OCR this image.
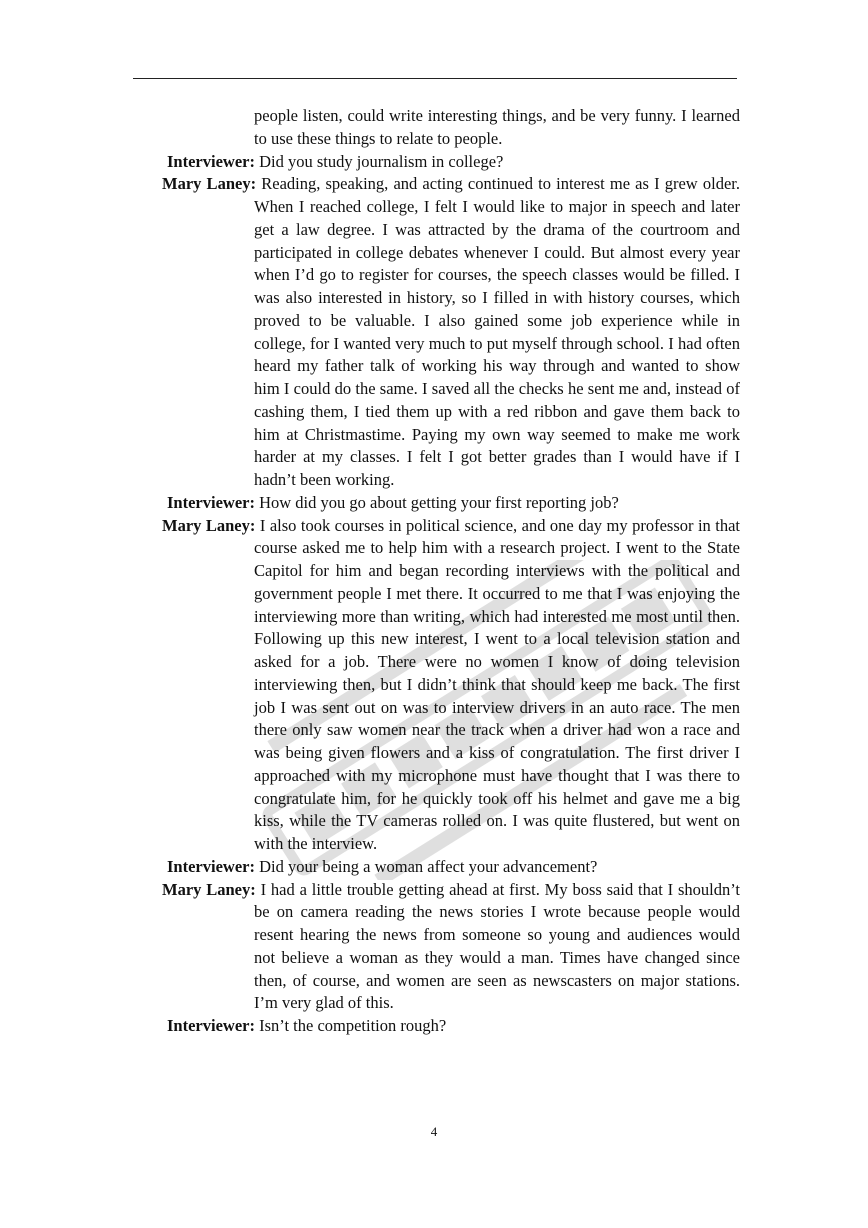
people listen, could write interesting things, and be very funny. I learned to use these things to relate to people.

Interviewer: Did you study journalism in college?

Mary Laney: Reading, speaking, and acting continued to interest me as I grew older. When I reached college, I felt I would like to major in speech and later get a law degree. I was attracted by the drama of the courtroom and participated in college debates whenever I could. But almost every year when I’d go to register for courses, the speech classes would be filled. I was also interested in history, so I filled in with history courses, which proved to be valuable. I also gained some job experience while in college, for I wanted very much to put myself through school. I had often heard my father talk of working his way through and wanted to show him I could do the same. I saved all the checks he sent me and, instead of cashing them, I tied them up with a red ribbon and gave them back to him at Christmastime. Paying my own way seemed to make me work harder at my classes. I felt I got better grades than I would have if I hadn’t been working.

Interviewer: How did you go about getting your first reporting job?

Mary Laney: I also took courses in political science, and one day my professor in that course asked me to help him with a research project. I went to the State Capitol for him and began recording interviews with the political and government people I met there. It occurred to me that I was enjoying the interviewing more than writing, which had interested me most until then. Following up this new interest, I went to a local television station and asked for a job. There were no women I know of doing television interviewing then, but I didn’t think that should keep me back. The first job I was sent out on was to interview drivers in an auto race. The men there only saw women near the track when a driver had won a race and was being given flowers and a kiss of congratulation. The first driver I approached with my microphone must have thought that I was there to congratulate him, for he quickly took off his helmet and gave me a big kiss, while the TV cameras rolled on. I was quite flustered, but went on with the interview.

Interviewer: Did your being a woman affect your advancement?

Mary Laney: I had a little trouble getting ahead at first. My boss said that I shouldn’t be on camera reading the news stories I wrote because people would resent hearing the news from someone so young and audiences would not believe a woman as they would a man. Times have changed since then, of course, and women are seen as newscasters on major stations. I’m very glad of this.

Interviewer: Isn’t the competition rough?

4
